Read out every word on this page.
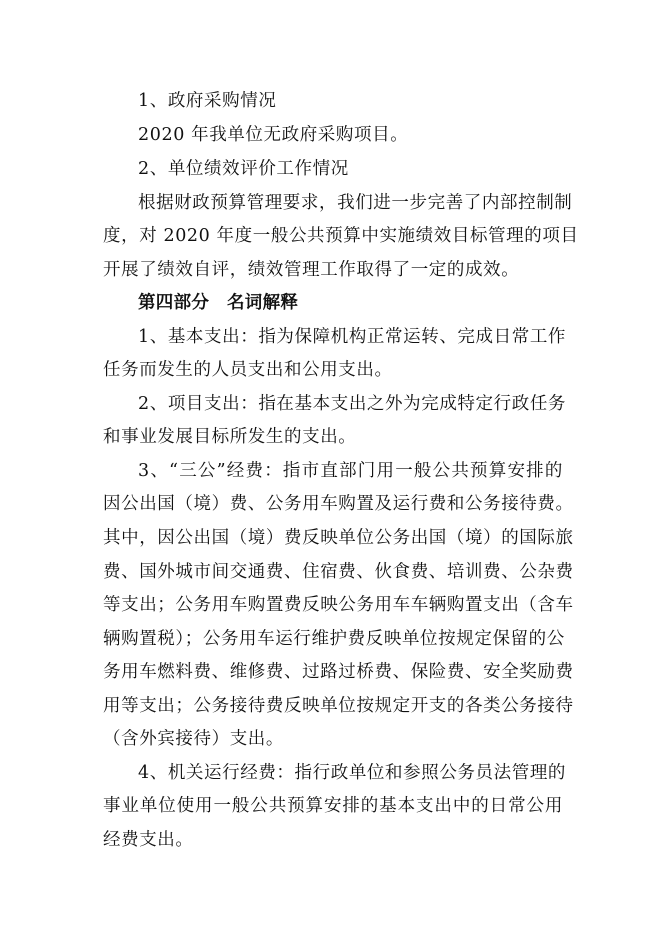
1、政府采购情况
2020 年我单位无政府采购项目。
2、单位绩效评价工作情况
根据财政预算管理要求，我们进一步完善了内部控制制
度，对 2020 年度一般公共预算中实施绩效目标管理的项目
开展了绩效自评，绩效管理工作取得了一定的成效。
第四部分　名词解释
1、基本支出：指为保障机构正常运转、完成日常工作
任务而发生的人员支出和公用支出。
2、项目支出：指在基本支出之外为完成特定行政任务
和事业发展目标所发生的支出。
3、“三公”经费：指市直部门用一般公共预算安排的
因公出国（境）费、公务用车购置及运行费和公务接待费。
其中，因公出国（境）费反映单位公务出国（境）的国际旅
费、国外城市间交通费、住宿费、伙食费、培训费、公杂费
等支出；公务用车购置费反映公务用车车辆购置支出（含车
辆购置税）；公务用车运行维护费反映单位按规定保留的公
务用车燃料费、维修费、过路过桥费、保险费、安全奖励费
用等支出；公务接待费反映单位按规定开支的各类公务接待
（含外宾接待）支出。
4、机关运行经费：指行政单位和参照公务员法管理的
事业单位使用一般公共预算安排的基本支出中的日常公用
经费支出。
